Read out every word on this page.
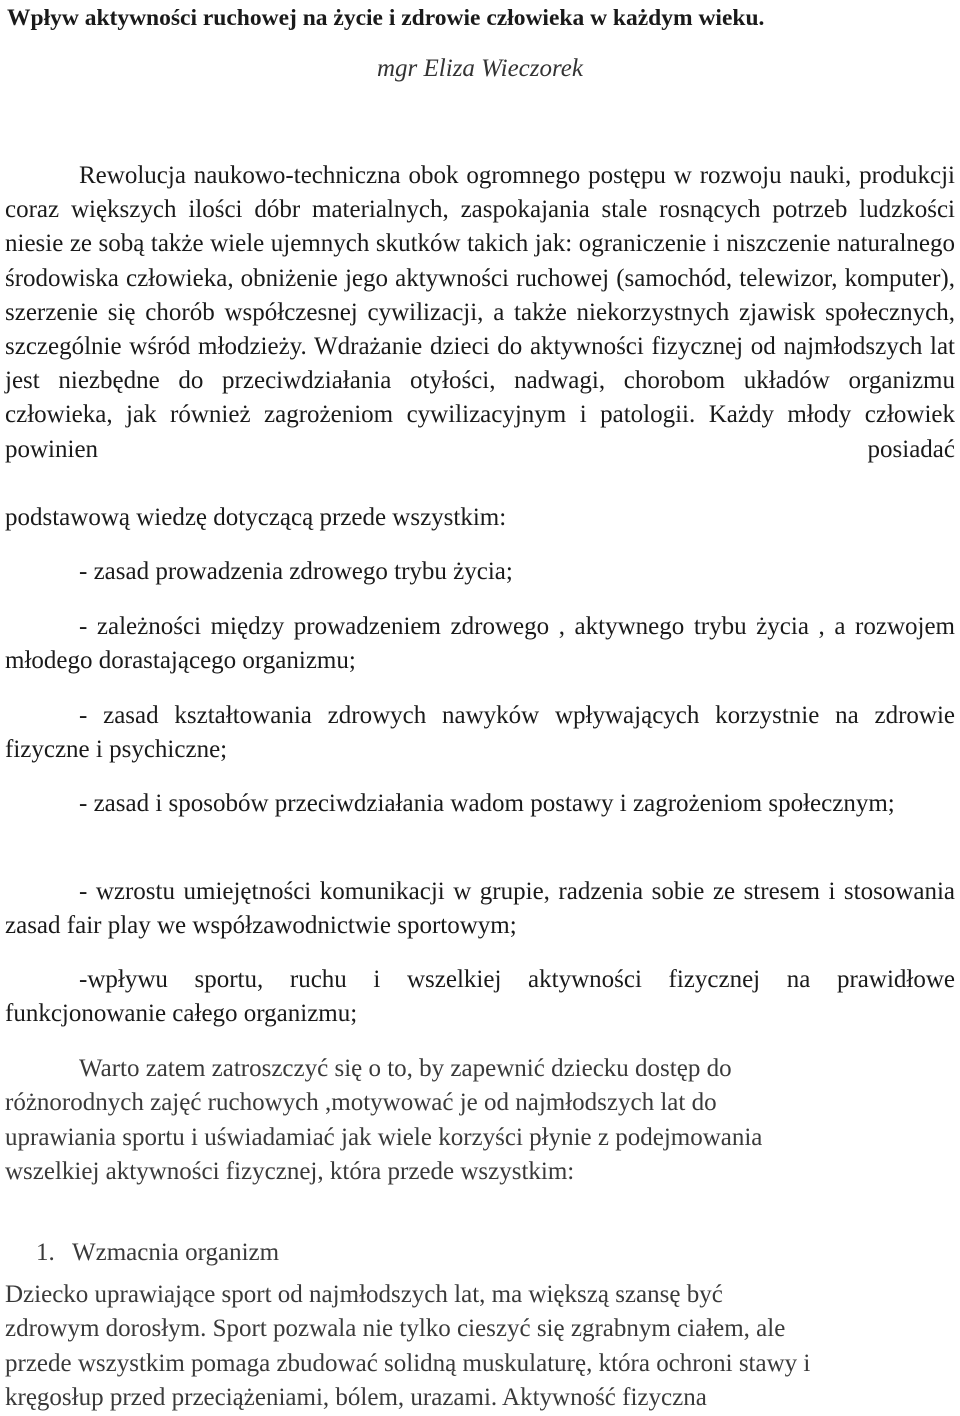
Wpływ aktywności ruchowej na życie i zdrowie człowieka w każdym wieku.

mgr Eliza Wieczorek

Rewolucja naukowo-techniczna obok ogromnego postępu w rozwoju nauki, produkcji coraz większych ilości dóbr materialnych, zaspokajania stale rosnących potrzeb ludzkości niesie ze sobą także wiele ujemnych skutków takich jak: ograniczenie i niszczenie naturalnego środowiska człowieka, obniżenie jego aktywności ruchowej (samochód, telewizor, komputer), szerzenie się chorób współczesnej cywilizacji, a także niekorzystnych zjawisk społecznych, szczególnie wśród młodzieży. Wdrażanie dzieci do aktywności fizycznej od najmłodszych lat jest niezbędne do przeciwdziałania otyłości, nadwagi, chorobom układów organizmu człowieka, jak również zagrożeniom cywilizacyjnym i patologii. Każdy młody człowiek powinien posiadać

podstawową wiedzę dotyczącą przede wszystkim:

- zasad prowadzenia zdrowego trybu życia;

- zależności między prowadzeniem zdrowego , aktywnego trybu życia , a rozwojem młodego dorastającego organizmu;

- zasad kształtowania zdrowych nawyków wpływających korzystnie na zdrowie fizyczne i psychiczne;

- zasad i sposobów przeciwdziałania wadom postawy i zagrożeniom społecznym;

- wzrostu umiejętności komunikacji w grupie, radzenia sobie ze stresem i stosowania zasad fair play we współzawodnictwie sportowym;

-wpływu sportu, ruchu i wszelkiej aktywności fizycznej na prawidłowe funkcjonowanie całego organizmu;

Warto zatem zatroszczyć się o to, by zapewnić dziecku dostęp do
różnorodnych zajęć ruchowych ,motywować je od najmłodszych lat do
uprawiania sportu i uświadamiać jak wiele korzyści płynie z podejmowania
wszelkiej aktywności fizycznej, która przede wszystkim:

1. Wzmacnia organizm

Dziecko uprawiające sport od najmłodszych lat, ma większą szansę być
zdrowym dorosłym. Sport pozwala nie tylko cieszyć się zgrabnym ciałem, ale
przede wszystkim pomaga zbudować solidną muskulaturę, która ochroni stawy i
kręgosłup przed przeciążeniami, bólem, urazami. Aktywność fizyczna
